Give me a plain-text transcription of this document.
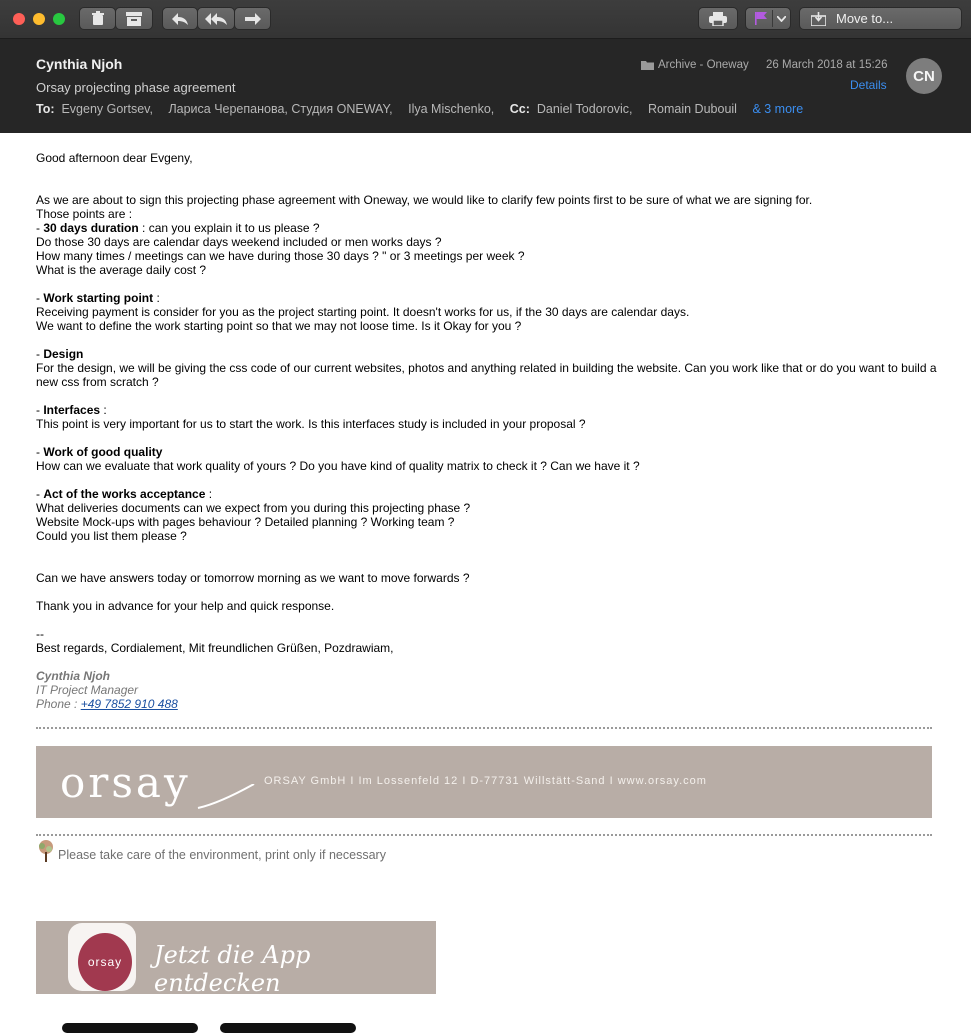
Move to...
Cynthia Njoh
Orsay projecting phase agreement
To: Evgeny Gortsev, Лариса Черепанова, Студия ONEWAY, Ilya Mischenko, Cc: Daniel Todorovic, Romain Dubouil & 3 more
Archive - Oneway 26 March 2018 at 15:26
Details
CN

Good afternoon dear Evgeny,

As we are about to sign this projecting phase agreement with Oneway, we would like to clarify few points first to be sure of what we are signing for.

Those points are :

- 30 days duration : can you explain it to us please ?

Do those 30 days are calendar days weekend included or men works days ?

How many times / meetings can we have during those 30 days ? " or 3 meetings per week ?

What is the average daily cost ?

- Work starting point :

Receiving payment is consider for you as the project starting point. It doesn't works for us, if the 30 days are calendar days.

We want to define the work starting point so that we may not loose time. Is it Okay for you ?

- Design

For the design, we will be giving the css code of our current websites, photos and anything related in building the website. Can you work like that or do you want to build a new css from scratch ?

- Interfaces :

This point is very important for us to start the work. Is this interfaces study is included in your proposal ?

- Work of good quality

How can we evaluate that work quality of yours ? Do you have kind of quality matrix to check it ? Can we have it ?

- Act of the works acceptance :

What deliveries documents can we expect from you during this projecting phase ?

Website Mock-ups with pages behaviour ? Detailed planning ? Working team ?

Could you list them please ?

Can we have answers today or tomorrow morning as we want to move forwards ?

Thank you in advance for your help and quick response.

--

Best regards, Cordialement, Mit freundlichen Grüßen, Pozdrawiam,

Cynthia Njoh
IT Project Manager
Phone : +49 7852 910 488
orsay	ORSAY GmbH I Im Lossenfeld 12 I D-77731 Willstätt-Sand I www.orsay.com
Please take care of the environment, print only if necessary
orsay	Jetzt die App entdecken
